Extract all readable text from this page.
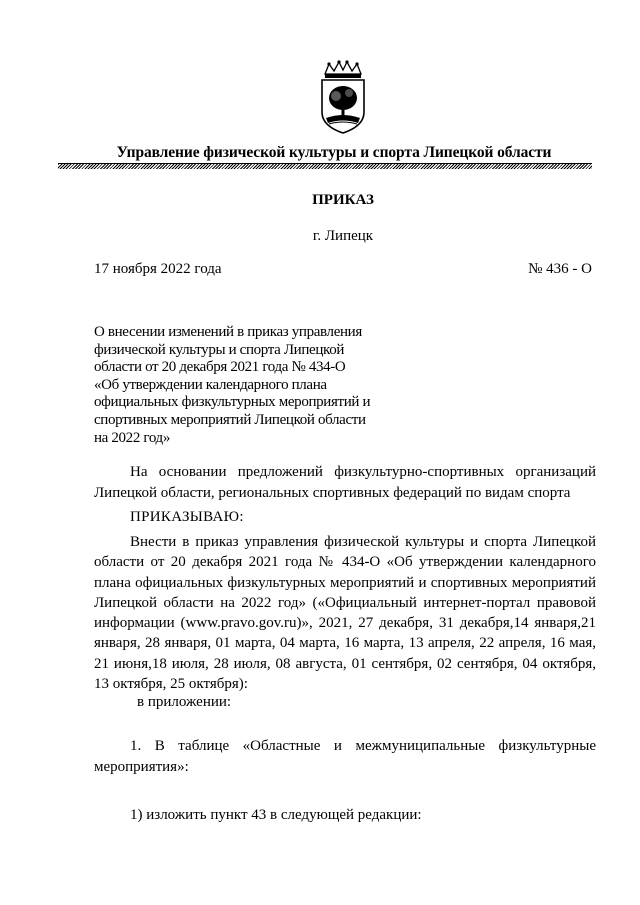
Управление физической культуры и спорта Липецкой области
ПРИКАЗ
г. Липецк
17 ноября 2022 года	№ 436 - О
О внесении изменений в приказ управления
физической культуры и спорта Липецкой
области от 20 декабря 2021 года № 434-О
«Об утверждении календарного плана
официальных физкультурных мероприятий и
спортивных мероприятий Липецкой области
на 2022 год»
На основании предложений физкультурно-спортивных организаций
Липецкой области, региональных спортивных федераций по видам спорта
ПРИКАЗЫВАЮ:
Внести в приказ управления физической культуры и спорта Липецкой
области от 20 декабря 2021 года № 434-О «Об утверждении календарного
плана официальных физкультурных мероприятий и спортивных мероприятий
Липецкой области на 2022 год» («Официальный интернет-портал правовой
информации (www.pravo.gov.ru)», 2021, 27 декабря, 31 декабря,14 января,21
января, 28 января, 01 марта, 04 марта, 16 марта, 13 апреля, 22 апреля, 16 мая,
21 июня,18 июля, 28 июля, 08 августа, 01 сентября, 02 сентября, 04 октября,
13 октября, 25 октября):
в приложении:
1. В таблице «Областные и межмуниципальные физкультурные
мероприятия»:
1) изложить пункт 43 в следующей редакции:
